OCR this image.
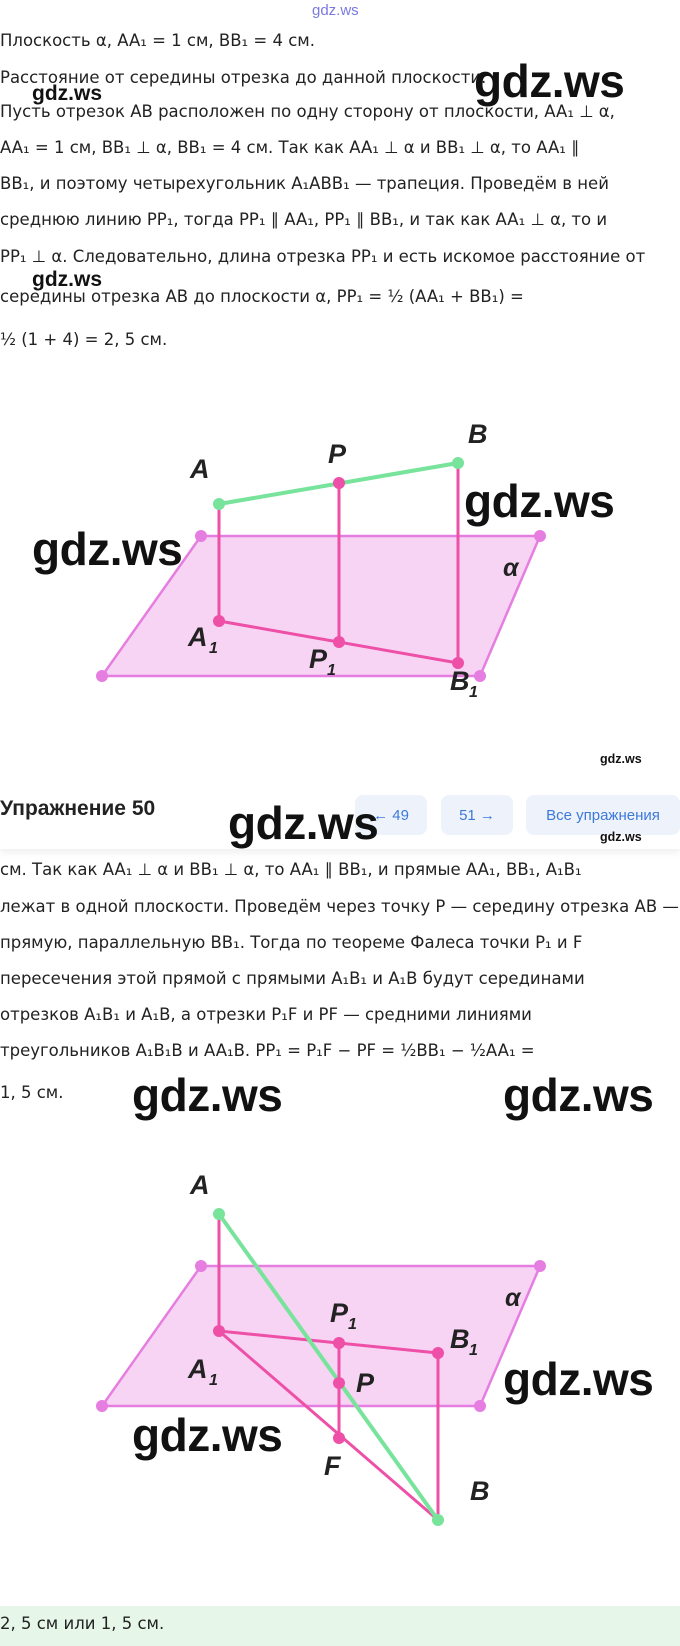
gdz.ws
Плоскость α, AA₁ = 1 см, BB₁ = 4 см.
Расстояние от середины отрезка до данной плоскости.
Пусть отрезок AB расположен по одну сторону от плоскости, AA₁ ⊥ α,
AA₁ = 1 см, BB₁ ⊥ α, BB₁ = 4 см. Так как AA₁ ⊥ α и BB₁ ⊥ α, то AA₁ ∥
BB₁, и поэтому четырехугольник A₁ABB₁ — трапеция. Проведём в ней
среднюю линию PP₁, тогда PP₁ ∥ AA₁, PP₁ ∥ BB₁, и так как AA₁ ⊥ α, то и
PP₁ ⊥ α. Следовательно, длина отрезка PP₁ и есть искомое расстояние от
середины отрезка AB до плоскости α, PP₁ = ½ (AA₁ + BB₁) =
½ (1 + 4) = 2, 5 см.
gdz.ws
gdz.ws
gdz.ws
A	P
B
α
A 1	P 1	B 1
gdz.ws
gdz.ws
gdz.ws
Упражнение 50	← 49	51 →	Все упражнения
gdz.ws	gdz.ws
см. Так как AA₁ ⊥ α и BB₁ ⊥ α, то AA₁ ∥ BB₁, и прямые AA₁, BB₁, A₁B₁
лежат в одной плоскости. Проведём через точку P — середину отрезка AB —
прямую, параллельную BB₁. Тогда по теореме Фалеса точки P₁ и F
пересечения этой прямой с прямыми A₁B₁ и A₁B будут серединами
отрезков A₁B₁ и A₁B, а отрезки P₁F и PF — средними линиями
треугольников A₁B₁B и AA₁B. PP₁ = P₁F − PF = ½BB₁ − ½AA₁ =
1, 5 см. gdz.ws	gdz.ws
A
P 1	B 1
α
A 1	P
F
B
gdz.ws
gdz.ws
2, 5 см или 1, 5 см.
